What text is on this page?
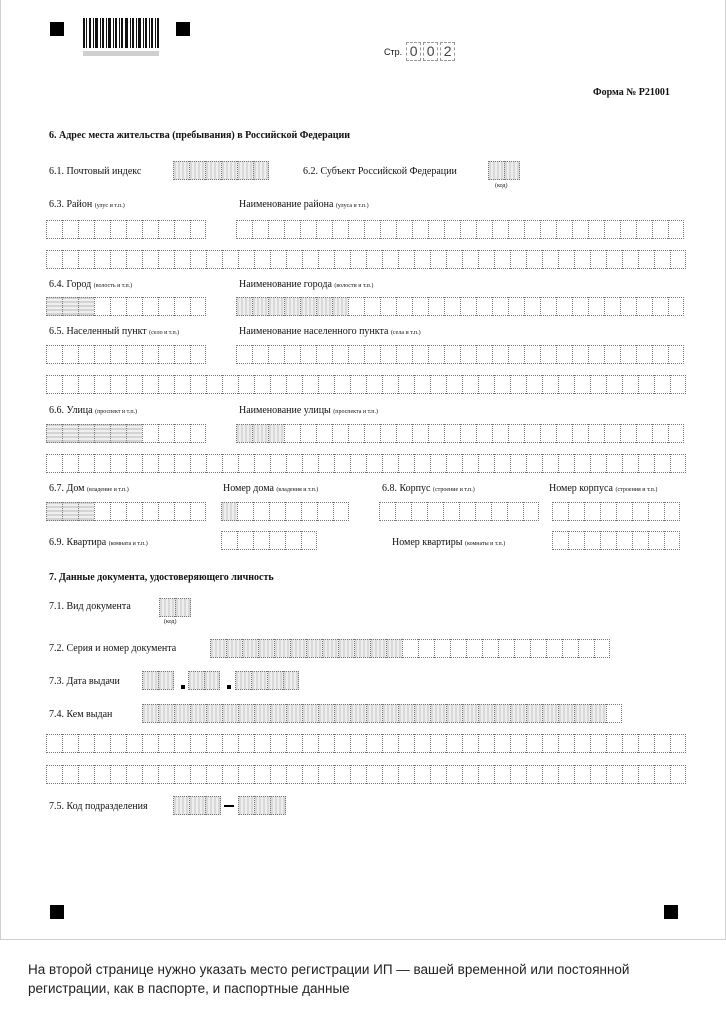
Стр. 0 0 2
Форма № Р21001
6. Адрес места жительства (пребывания) в Российской Федерации
6.1. Почтовый индекс	6.2. Субъект Российской Федерации
(код)
6.3. Район (улус и т.п.)	Наименование района (улуса и т.п.)
6.4. Город (волость и т.п.)	Наименование города (волости и т.п.)
6.5. Населенный пункт (село и т.п.)	Наименование населенного пункта (села и т.п.)
6.6. Улица (проспект и т.п.)	Наименование улицы (проспекта и т.п.)
6.7. Дом (владение и т.п.)	Номер дома (владения и т.п.)	6.8. Корпус (строение и т.п.)	Номер корпуса (строения и т.п.)
6.9. Квартира (комната и т.п.)	Номер квартиры (комнаты и т.п.)
7. Данные документа, удостоверяющего личность
7.1. Вид документа
(код)
7.2. Серия и номер документа
7.3. Дата выдачи
7.4. Кем выдан
7.5. Код подразделения
На второй странице нужно указать место регистрации ИП — вашей временной или постоянной регистрации, как в паспорте, и паспортные данные
